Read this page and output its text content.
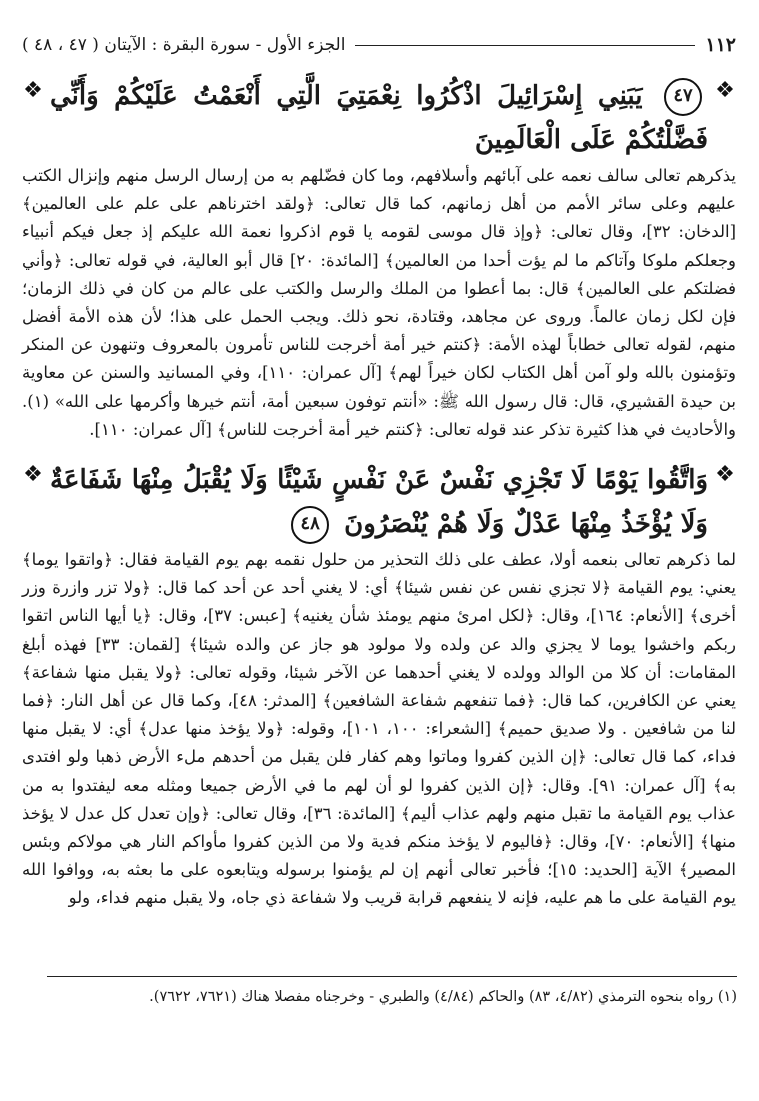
١١٢
الجزء الأول - سورة البقرة : الآيتان ( ٤٧ ، ٤٨ )
❖
٤٧ يَبَنِي إِسْرَائِيلَ اذْكُرُوا نِعْمَتِيَ الَّتِي أَنْعَمْتُ عَلَيْكُمْ وَأَنِّي فَضَّلْتُكُمْ عَلَى الْعَالَمِينَ
❖

يذكرهم تعالى سالف نعمه على آبائهم وأسلافهم، وما كان فضّلهم به من إرسال الرسل منهم وإنزال الكتب عليهم وعلى سائر الأمم من أهل زمانهم، كما قال تعالى: ﴿ولقد اخترناهم على علم على العالمين﴾ [الدخان: ٣٢]، وقال تعالى: ﴿وإذ قال موسى لقومه يا قوم اذكروا نعمة الله عليكم إذ جعل فيكم أنبياء وجعلكم ملوكا وآتاكم ما لم يؤت أحدا من العالمين﴾ [المائدة: ٢٠] قال أبو العالية، في قوله تعالى: ﴿وأني فضلتكم على العالمين﴾ قال: بما أعطوا من الملك والرسل والكتب على عالم من كان في ذلك الزمان؛ فإن لكل زمان عالماً. وروى عن مجاهد، وقتادة، نحو ذلك. ويجب الحمل على هذا؛ لأن هذه الأمة أفضل منهم، لقوله تعالى خطاباً لهذه الأمة: ﴿كنتم خير أمة أخرجت للناس تأمرون بالمعروف وتنهون عن المنكر وتؤمنون بالله ولو آمن أهل الكتاب لكان خيراً لهم﴾ [آل عمران: ١١٠]، وفي المسانيد والسنن عن معاوية بن حيدة القشيري، قال: قال رسول الله ﷺ: «أنتم توفون سبعين أمة، أنتم خيرها وأكرمها على الله» (١). والأحاديث في هذا كثيرة تذكر عند قوله تعالى: ﴿كنتم خير أمة أخرجت للناس﴾ [آل عمران: ١١٠].

❖
وَاتَّقُوا يَوْمًا لَا تَجْزِي نَفْسٌ عَنْ نَفْسٍ شَيْئًا وَلَا يُقْبَلُ مِنْهَا شَفَاعَةٌ وَلَا يُؤْخَذُ مِنْهَا عَدْلٌ وَلَا هُمْ يُنْصَرُونَ ٤٨
❖

لما ذكرهم تعالى بنعمه أولا، عطف على ذلك التحذير من حلول نقمه بهم يوم القيامة فقال: ﴿واتقوا يوما﴾ يعني: يوم القيامة ﴿لا تجزي نفس عن نفس شيئا﴾ أي: لا يغني أحد عن أحد كما قال: ﴿ولا تزر وازرة وزر أخرى﴾ [الأنعام: ١٦٤]، وقال: ﴿لكل امرئ منهم يومئذ شأن يغنيه﴾ [عبس: ٣٧]، وقال: ﴿يا أيها الناس اتقوا ربكم واخشوا يوما لا يجزي والد عن ولده ولا مولود هو جاز عن والده شيئا﴾ [لقمان: ٣٣] فهذه أبلغ المقامات: أن كلا من الوالد وولده لا يغني أحدهما عن الآخر شيئا، وقوله تعالى: ﴿ولا يقبل منها شفاعة﴾ يعني عن الكافرين، كما قال: ﴿فما تنفعهم شفاعة الشافعين﴾ [المدثر: ٤٨]، وكما قال عن أهل النار: ﴿فما لنا من شافعين . ولا صديق حميم﴾ [الشعراء: ١٠٠، ١٠١]، وقوله: ﴿ولا يؤخذ منها عدل﴾ أي: لا يقبل منها فداء، كما قال تعالى: ﴿إن الذين كفروا وماتوا وهم كفار فلن يقبل من أحدهم ملء الأرض ذهبا ولو افتدى به﴾ [آل عمران: ٩١]. وقال: ﴿إن الذين كفروا لو أن لهم ما في الأرض جميعا ومثله معه ليفتدوا به من عذاب يوم القيامة ما تقبل منهم ولهم عذاب أليم﴾ [المائدة: ٣٦]، وقال تعالى: ﴿وإن تعدل كل عدل لا يؤخذ منها﴾ [الأنعام: ٧٠]، وقال: ﴿فاليوم لا يؤخذ منكم فدية ولا من الذين كفروا مأواكم النار هي مولاكم وبئس المصير﴾ الآية [الحديد: ١٥]؛ فأخبر تعالى أنهم إن لم يؤمنوا برسوله ويتابعوه على ما بعثه به، ووافوا الله يوم القيامة على ما هم عليه، فإنه لا ينفعهم قرابة قريب ولا شفاعة ذي جاه، ولا يقبل منهم فداء، ولو

(١) رواه بنحوه الترمذي (٤/٨٢، ٨٣) والحاكم (٤/٨٤) والطبري - وخرجناه مفصلا هناك (٧٦٢١، ٧٦٢٢).
